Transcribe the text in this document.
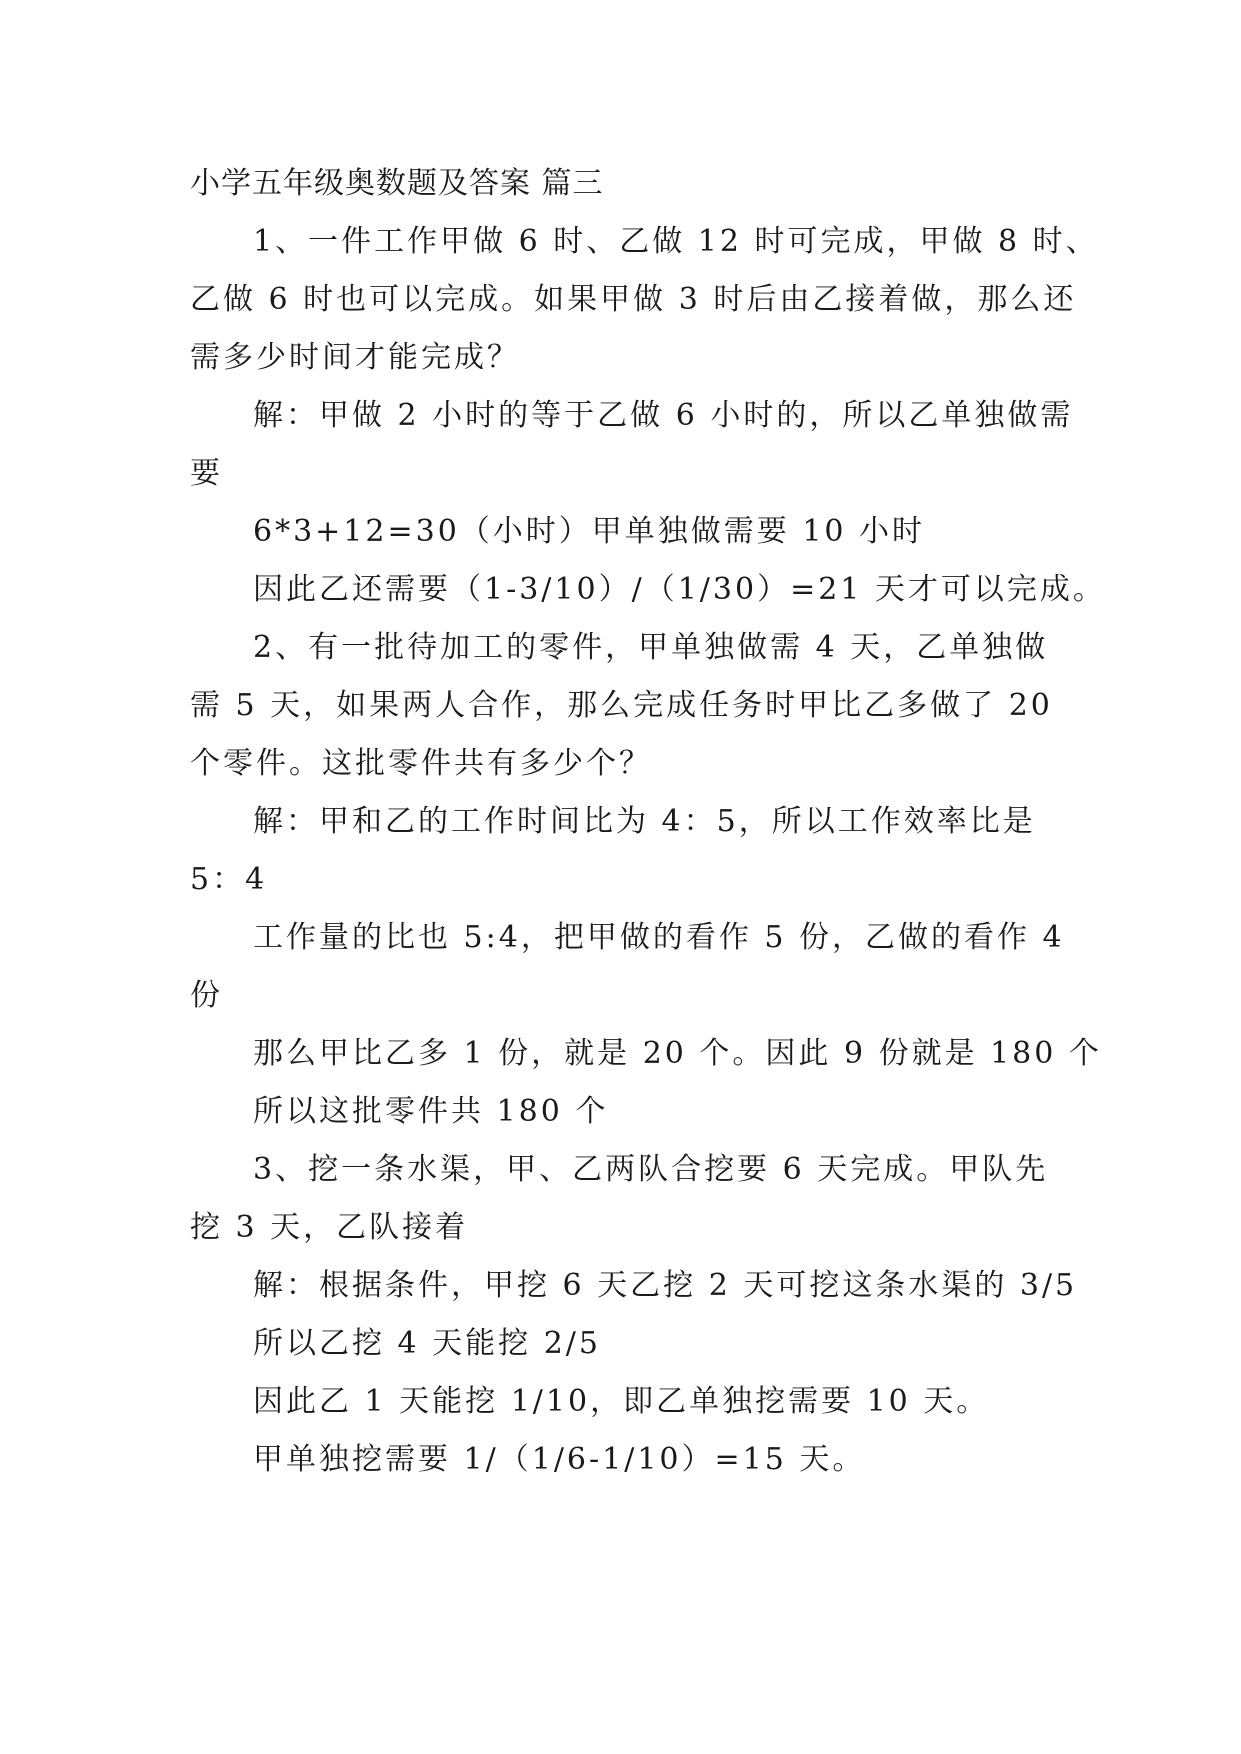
小学五年级奥数题及答案 篇三
1、一件工作甲做 6 时、乙做 12 时可完成，甲做 8 时、
乙做 6 时也可以完成。如果甲做 3 时后由乙接着做，那么还
需多少时间才能完成？
解：甲做 2 小时的等于乙做 6 小时的，所以乙单独做需
要
6*3+12=30（小时）甲单独做需要 10 小时
因此乙还需要（1-3/10）/（1/30）=21 天才可以完成。
2、有一批待加工的零件，甲单独做需 4 天，乙单独做
需 5 天，如果两人合作，那么完成任务时甲比乙多做了 20
个零件。这批零件共有多少个？
解：甲和乙的工作时间比为 4：5，所以工作效率比是
5：4
工作量的比也 5:4，把甲做的看作 5 份，乙做的看作 4
份
那么甲比乙多 1 份，就是 20 个。因此 9 份就是 180 个
所以这批零件共 180 个
3、挖一条水渠，甲、乙两队合挖要 6 天完成。甲队先
挖 3 天，乙队接着
解：根据条件，甲挖 6 天乙挖 2 天可挖这条水渠的 3/5
所以乙挖 4 天能挖 2/5
因此乙 1 天能挖 1/10，即乙单独挖需要 10 天。
甲单独挖需要 1/（1/6-1/10）=15 天。
